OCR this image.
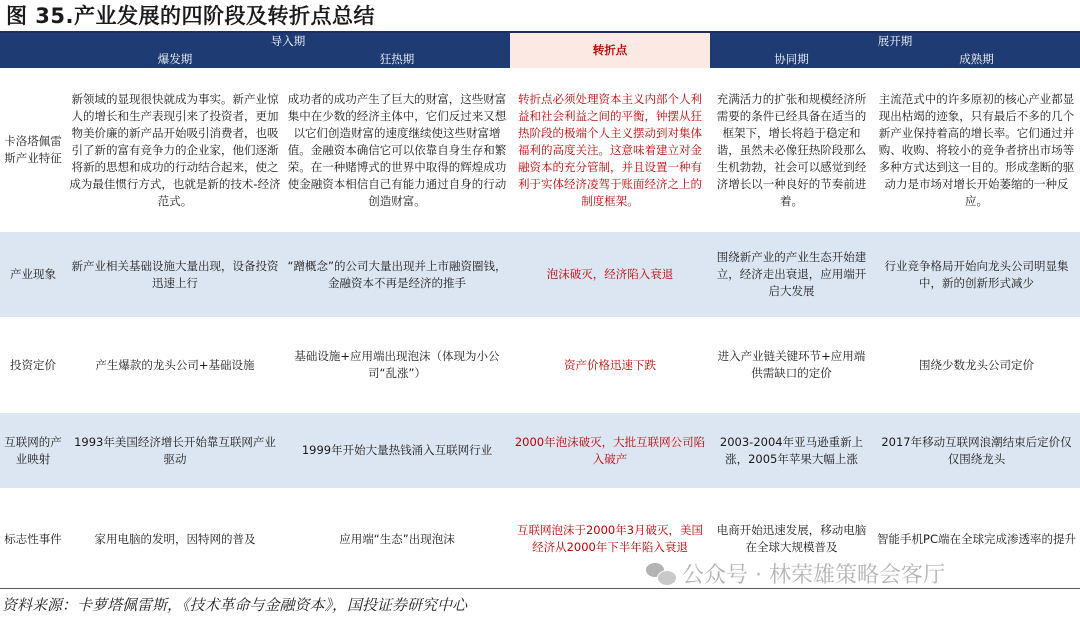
图 35.产业发展的四阶段及转折点总结
	导入期		转折点	展开期	
	爆发期	狂热期		协同期	成熟期
卡洛塔佩雷斯产业特征	新领域的显现很快就成为事实。新产业惊人的增长和生产表现引来了投资者，更加物美价廉的新产品开始吸引消费者，也吸引了新的富有竞争力的企业家，他们逐渐将新的思想和成功的行动结合起来，使之成为最佳惯行方式，也就是新的技术-经济范式。	成功者的成功产生了巨大的财富，这些财富集中在少数的经济主体中，它们反过来又想以它们创造财富的速度继续使这些财富增值。金融资本确信它可以依靠自身生存和繁荣。在一种赌博式的世界中取得的辉煌成功使金融资本相信自己有能力通过自身的行动创造财富。	转折点必须处理资本主义内部个人利益和社会利益之间的平衡，钟摆从狂热阶段的极端个人主义摆动到对集体福利的高度关注。这意味着建立对金融资本的充分管制，并且设置一种有利于实体经济凌驾于账面经济之上的制度框架。	充满活力的扩张和规模经济所需要的条件已经具备在适当的框架下，增长将趋于稳定和谐，虽然未必像狂热阶段那么生机勃勃，社会可以感觉到经济增长以一种良好的节奏前进着。	主流范式中的许多原初的核心产业都显现出枯竭的迹象，只有最后不多的几个新产业保持着高的增长率。它们通过并购、收购、将较小的竞争者挤出市场等多种方式达到这一目的。形成垄断的驱动力是市场对增长开始萎缩的一种反应。
产业现象	新产业相关基础设施大量出现，设备投资迅速上行	“蹭概念”的公司大量出现并上市融资圈钱，金融资本不再是经济的推手	泡沫破灭，经济陷入衰退	围绕新产业的产业生态开始建立，经济走出衰退，应用端开启大发展	行业竞争格局开始向龙头公司明显集中，新的创新形式减少
投资定价	产生爆款的龙头公司+基础设施	基础设施+应用端出现泡沫（体现为小公司“乱涨”）	资产价格迅速下跌	进入产业链关键环节+应用端供需缺口的定价	围绕少数龙头公司定价
互联网的产业映射	1993年美国经济增长开始靠互联网产业驱动	1999年开始大量热钱涌入互联网行业	2000年泡沫破灭，大批互联网公司陷入破产	2003-2004年亚马逊重新上涨，2005年苹果大幅上涨	2017年移动互联网浪潮结束后定价仅仅围绕龙头
标志性事件	家用电脑的发明，因特网的普及	应用端“生态”出现泡沫	互联网泡沫于2000年3月破灭，美国经济从2000年下半年陷入衰退	电商开始迅速发展，移动电脑在全球大规模普及	智能手机PC端在全球完成渗透率的提升
公众号 · 林荣雄策略会客厅
资料来源：卡萝塔佩雷斯，《技术革命与金融资本》，国投证券研究中心
